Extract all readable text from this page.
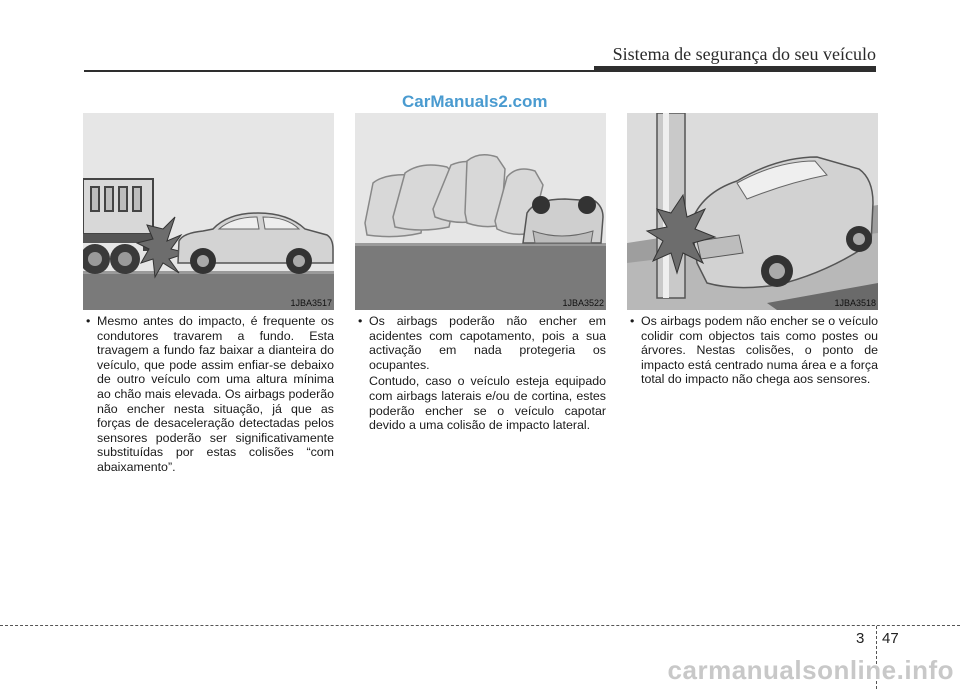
Sistema de segurança do seu veículo
CarManuals2.com
1JBA3517	1JBA3522	1JBA3518
• Mesmo antes do impacto, é frequente os condutores travarem a fundo. Esta travagem a fundo faz baixar a dianteira do veículo, que pode assim enfiar-se debaixo de outro veículo com uma altura mínima ao chão mais elevada. Os airbags poderão não encher nesta situação, já que as forças de desaceleração detectadas pelos sensores poderão ser significativamente substituídas por estas colisões “com abaixamento”.
• Os airbags poderão não encher em acidentes com capotamento, pois a sua activação em nada protegeria os ocupantes.
Contudo, caso o veículo esteja equipado com airbags laterais e/ou de cortina, estes poderão encher se o veículo capotar devido a uma colisão de impacto lateral.
• Os airbags podem não encher se o veículo colidir com objectos tais como postes ou árvores. Nestas colisões, o ponto de impacto está centrado numa área e a força total do impacto não chega aos sensores.
3 47
carmanualsonline.info
